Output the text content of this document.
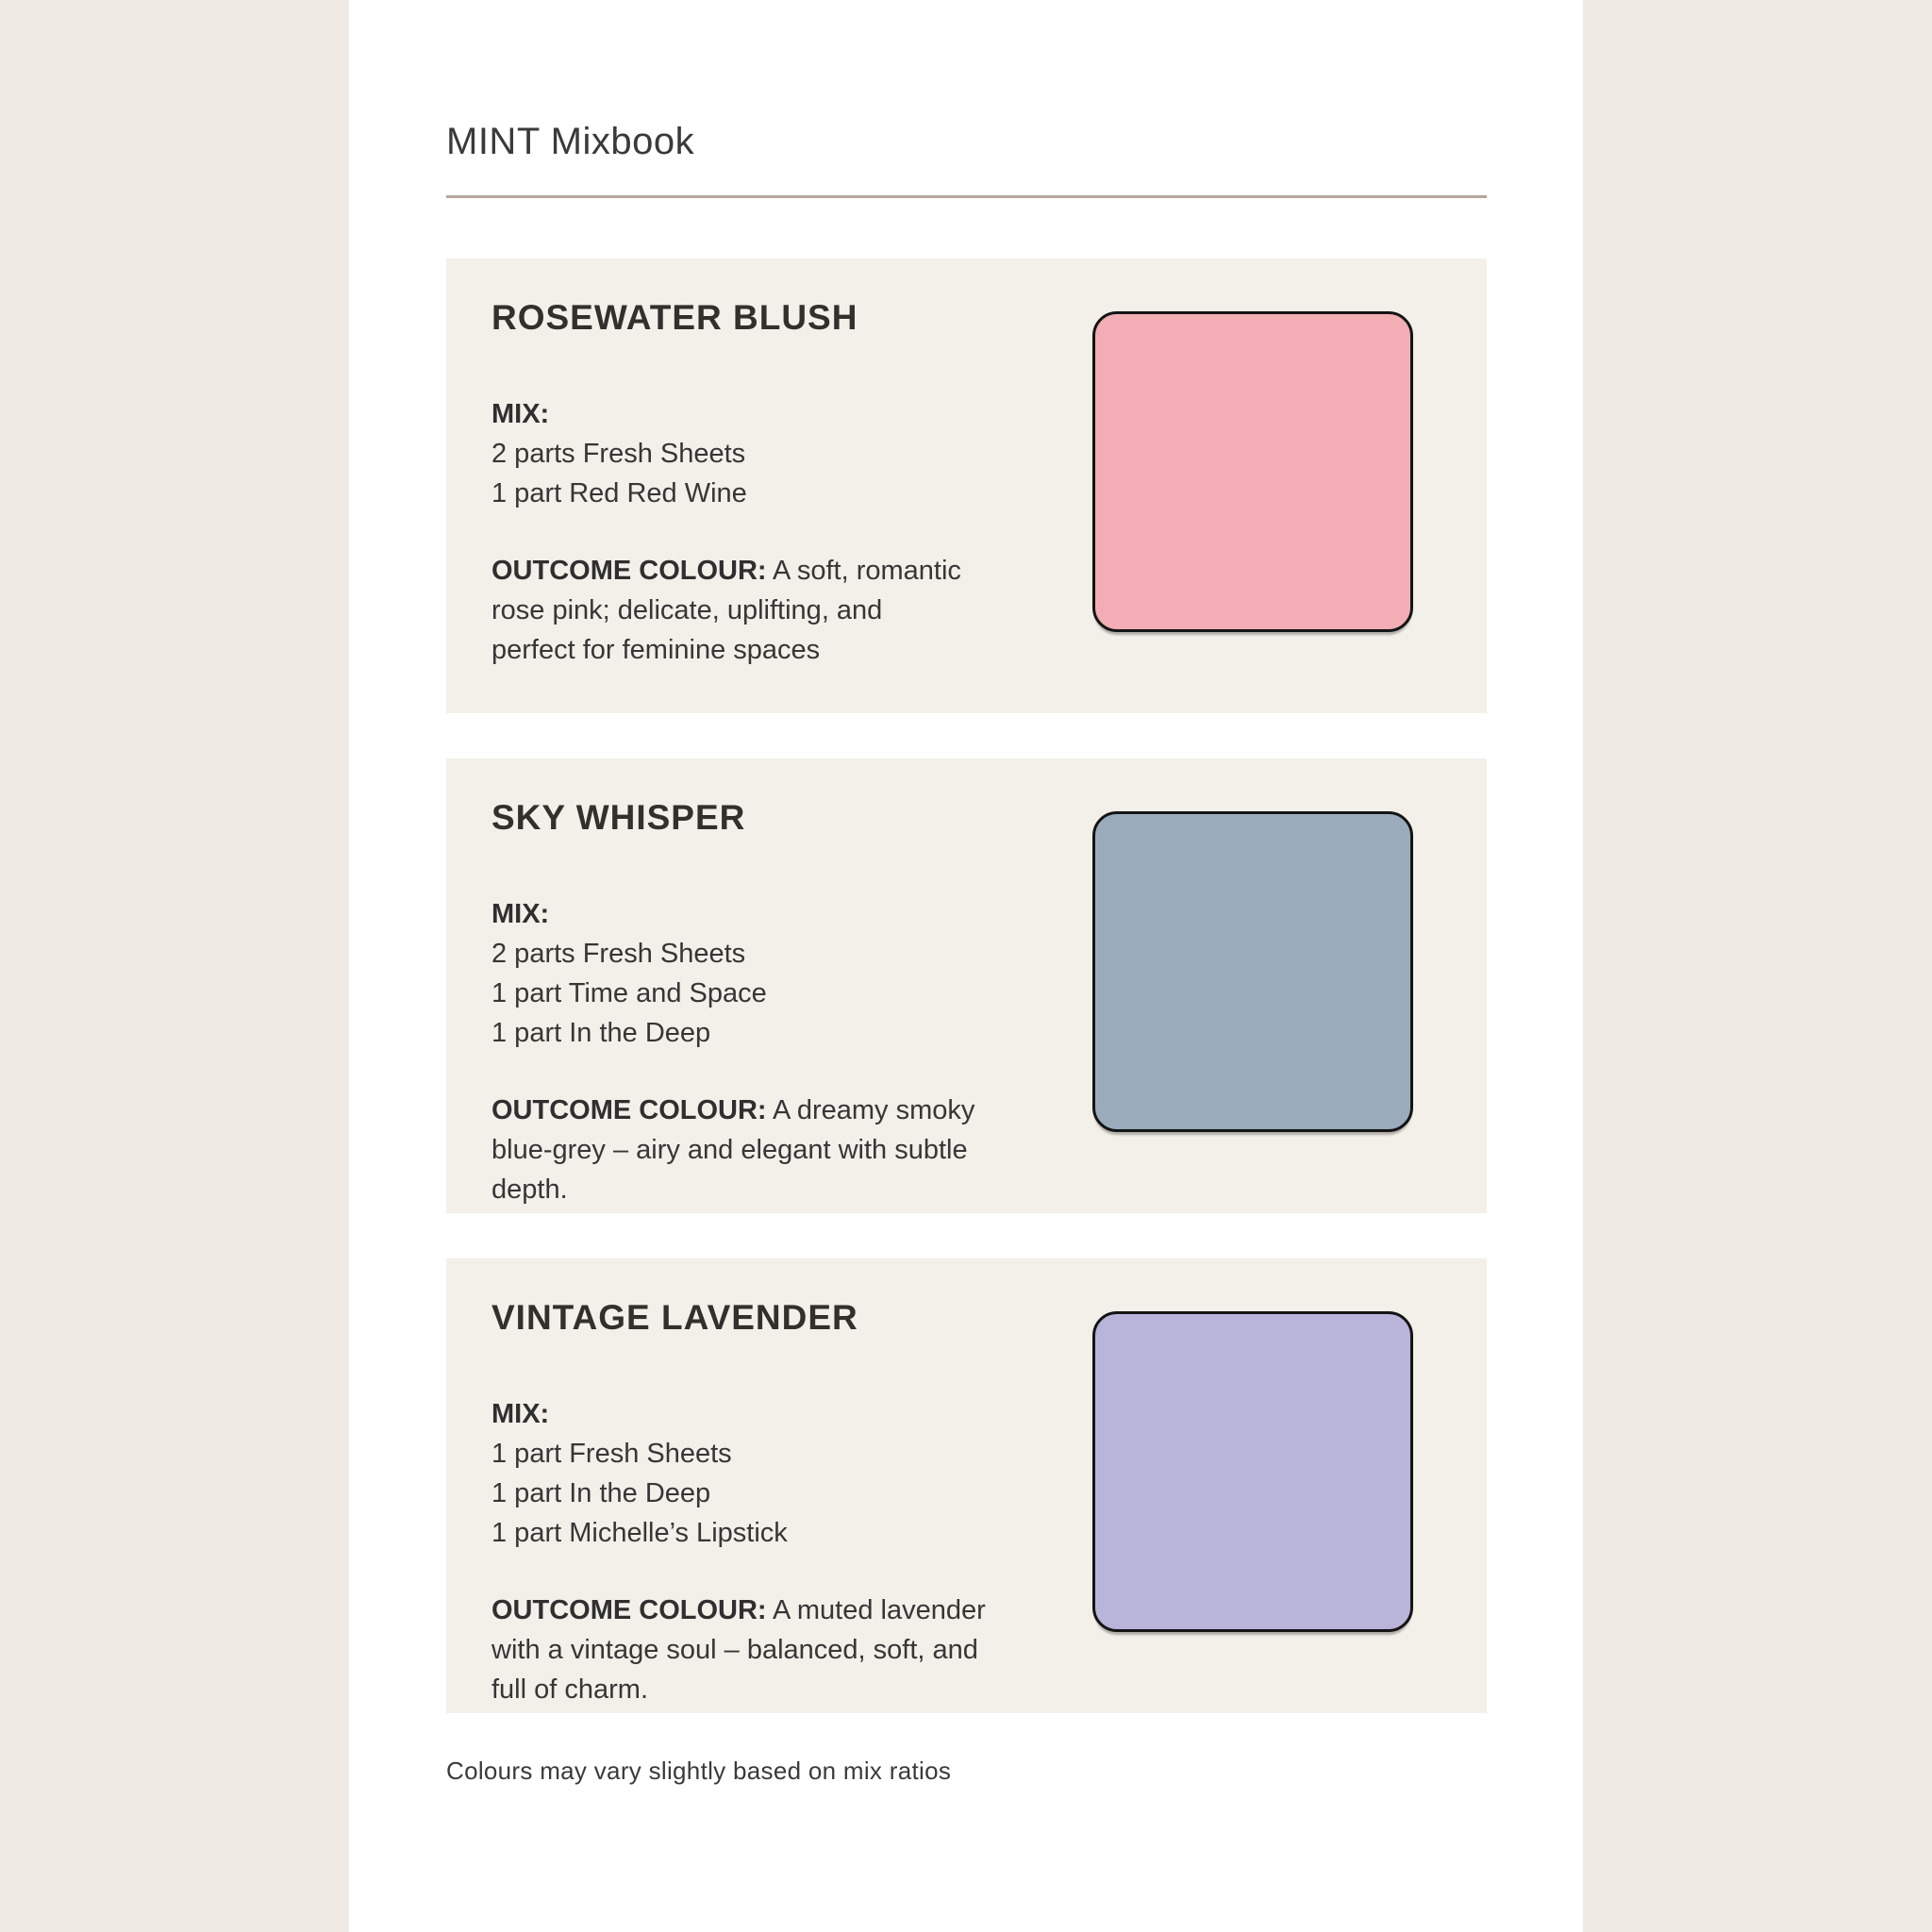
MINT Mixbook
ROSEWATER BLUSH
MIX:
2 parts Fresh Sheets
1 part Red Red Wine
OUTCOME COLOUR: A soft, romantic
rose pink; delicate, uplifting, and
perfect for feminine spaces
SKY WHISPER
MIX:
2 parts Fresh Sheets
1 part Time and Space
1 part In the Deep
OUTCOME COLOUR: A dreamy smoky
blue-grey – airy and elegant with subtle
depth.
VINTAGE LAVENDER
MIX:
1 part Fresh Sheets
1 part In the Deep
1 part Michelle’s Lipstick
OUTCOME COLOUR: A muted lavender
with a vintage soul – balanced, soft, and
full of charm.

Colours may vary slightly based on mix ratios
